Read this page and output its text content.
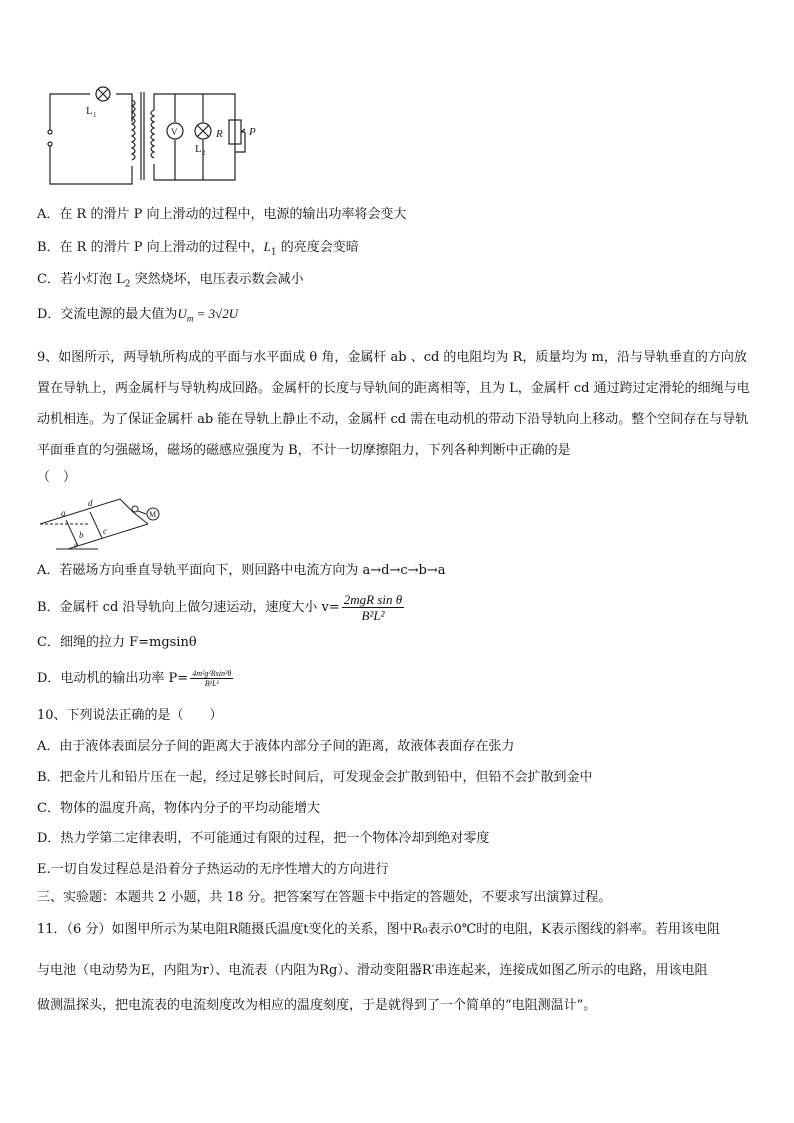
L 1
V
L 2
R P
A．在 R 的滑片 P 向上滑动的过程中，电源的输出功率将会变大
B．在 R 的滑片 P 向上滑动的过程中，$L_1$ 的亮度会变暗
C．若小灯泡 $L_2$ 突然烧坏，电压表示数会减小
D．交流电源的最大值为$U_m = 3√2U$
9、如图所示，两导轨所构成的平面与水平面成 θ 角，金属杆 ab 、cd 的电阻均为 R，质量均为 m，沿与导轨垂直的方向放置在导轨上，两金属杆与导轨构成回路。金属杆的长度与导轨间的距离相等，且为 L，金属杆 cd 通过跨过定滑轮的细绳与电动机相连。为了保证金属杆 ab 能在导轨上静止不动，金属杆 cd 需在电动机的带动下沿导轨向上移动。整个空间存在与导轨平面垂直的匀强磁场，磁场的磁感应强度为 B，不计一切摩擦阻力，下列各种判断中正确的是
（　）
a
b c
d
M
θ
A．若磁场方向垂直导轨平面向下，则回路中电流方向为 a→d→c→b→a
B．金属杆 cd 沿导轨向上做匀速运动，速度大小 $v= \frac{\text{2mgR sin θ}}{\text{B²L²}}$
C．细绳的拉力 F=mgsinθ
D．电动机的输出功率 $P= \frac{\text{4m²g²Rsin²θ}}{\text{B²L²}}$
10、下列说法正确的是（　　）
A．由于液体表面层分子间的距离大于液体内部分子间的距离，故液体表面存在张力
B．把金片儿和铅片压在一起，经过足够长时间后，可发现金会扩散到铅中，但铅不会扩散到金中
C．物体的温度升高，物体内分子的平均动能增大
D．热力学第二定律表明，不可能通过有限的过程，把一个物体冷却到绝对零度
E.一切自发过程总是沿着分子热运动的无序性增大的方向进行
三、实验题：本题共 2 小题，共 18 分。把答案写在答题卡中指定的答题处，不要求写出演算过程。
11．（6 分）如图甲所示为某电阻R随摄氏温度t变化的关系，图中R₀表示0℃时的电阻，K表示图线的斜率。若用该电阻
与电池（电动势为E，内阻为r）、电流表（内阻为Rg）、滑动变阻器R′串连起来，连接成如图乙所示的电路，用该电阻
做测温探头，把电流表的电流刻度改为相应的温度刻度，于是就得到了一个简单的“电阻测温计”。
